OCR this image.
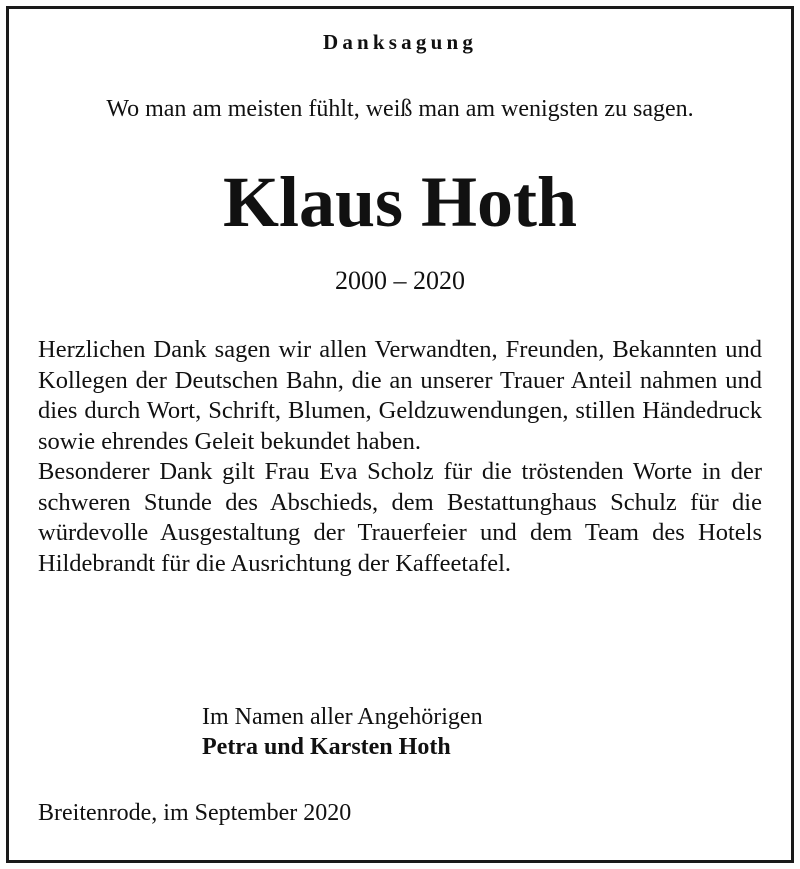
Danksagung
Wo man am meisten fühlt, weiß man am wenigsten zu sagen.
Klaus Hoth
2000 – 2020

Herzlichen Dank sagen wir allen Verwandten, Freunden, Bekannten und Kollegen der Deutschen Bahn, die an unserer Trauer Anteil nahmen und dies durch Wort, Schrift, Blumen, Geldzuwendungen, stillen Händedruck sowie ehrendes Geleit bekundet haben.

Besonderer Dank gilt Frau Eva Scholz für die tröstenden Worte in der schweren Stunde des Abschieds, dem Bestattunghaus Schulz für die würdevolle Ausgestaltung der Trauerfeier und dem Team des Hotels Hildebrandt für die Ausrichtung der Kaffeetafel.

Im Namen aller Angehörigen
Petra und Karsten Hoth
Breitenrode, im September 2020
